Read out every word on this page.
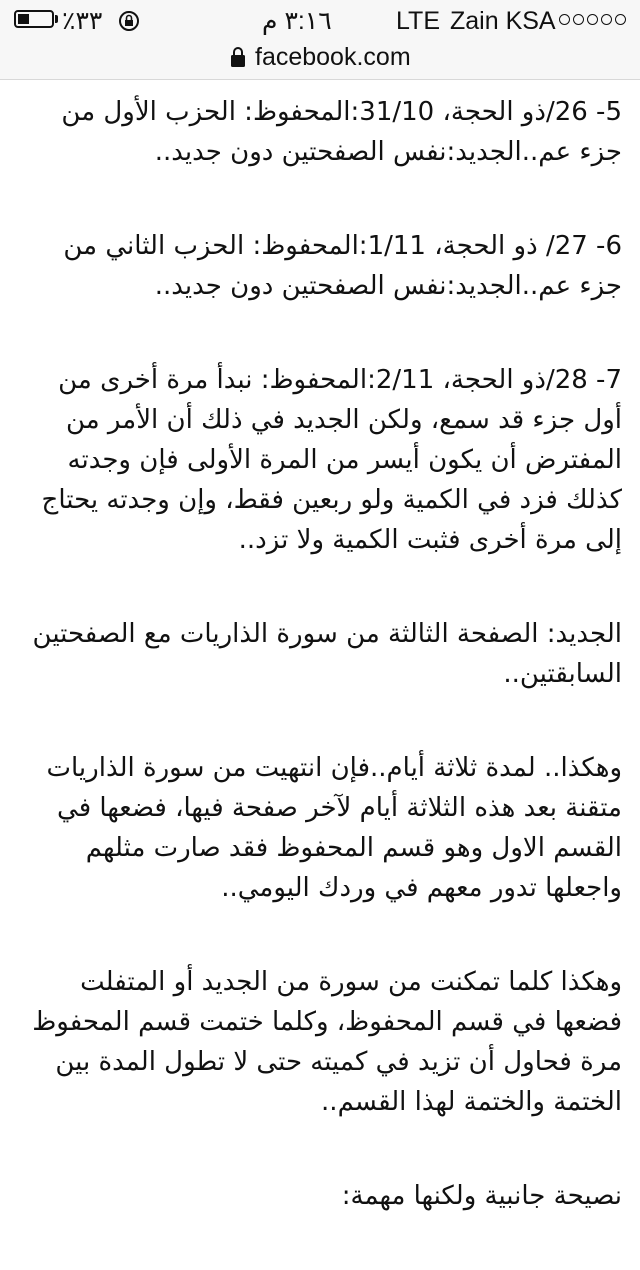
٪٣٣	٣:١٦ م	LTE Zain KSA
facebook.com

5- 26/ذو الحجة، 31/10:المحفوظ: الحزب الأول من جزء عم..الجديد:نفس الصفحتين دون جديد..

6- 27/ ذو الحجة، 1/11:المحفوظ: الحزب الثاني من جزء عم..الجديد:نفس الصفحتين دون جديد..

7- 28/ذو الحجة، 2/11:المحفوظ: نبدأ مرة أخرى من أول جزء قد سمع، ولكن الجديد في ذلك أن الأمر من المفترض أن يكون أيسر من المرة الأولى فإن وجدته كذلك فزد في الكمية ولو ربعين فقط، وإن وجدته يحتاج إلى مرة أخرى فثبت الكمية ولا تزد..

الجديد: الصفحة الثالثة من سورة الذاريات مع الصفحتين السابقتين..

وهكذا.. لمدة ثلاثة أيام..فإن انتهيت من سورة الذاريات متقنة بعد هذه الثلاثة أيام لآخر صفحة فيها، فضعها في القسم الاول وهو قسم المحفوظ فقد صارت مثلهم واجعلها تدور معهم في وردك اليومي..

وهكذا كلما تمكنت من سورة من الجديد أو المتفلت فضعها في قسم المحفوظ، وكلما ختمت قسم المحفوظ مرة فحاول أن تزيد في كميته حتى لا تطول المدة بين الختمة والختمة لهذا القسم..

نصيحة جانبية ولكنها مهمة:
